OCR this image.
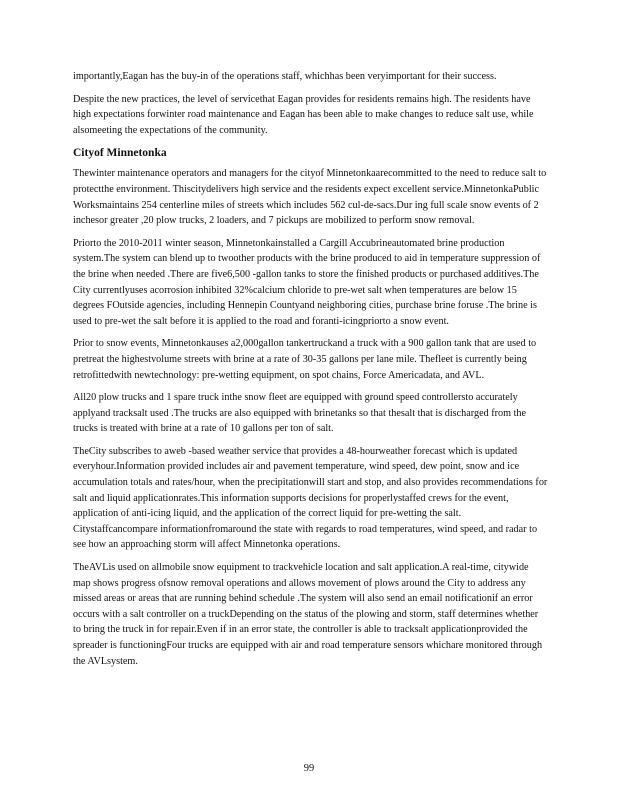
importantly,Eagan has the buy-in of the operations staff, whichhas been veryimportant for their success.

Despite the new practices, the level of servicethat Eagan provides for residents remains high. The residents have high expectations forwinter road maintenance and Eagan has been able to make changes to reduce salt use, while alsomeeting the expectations of the community.

Cityof Minnetonka

Thewinter maintenance operators and managers for the cityof Minnetonkaarecommitted to the need to reduce salt to protectthe environment. Thiscitydelivers high service and the residents expect excellent service.MinnetonkaPublic Worksmaintains 254 centerline miles of streets which includes 562 cul-de-sacs.Dur ing full scale snow events of 2 inchesor greater ,20 plow trucks, 2 loaders, and 7 pickups are mobilized to perform snow removal.

Priorto the 2010-2011 winter season, Minnetonkainstalled a Cargill Accubrineautomated brine production system.The system can blend up to twoother products with the brine produced to aid in temperature suppression of the brine when needed .There are five6,500 -gallon tanks to store the finished products or purchased additives.The City currentlyuses acorrosion inhibited 32%calcium chloride to pre-wet salt when temperatures are below 15 degrees FOutside agencies, including Hennepin Countyand neighboring cities, purchase brine foruse .The brine is used to pre-wet the salt before it is applied to the road and foranti-icingpriorto a snow event.

Prior to snow events, Minnetonkauses a2,000gallon tankertruckand a truck with a 900 gallon tank that are used to pretreat the highestvolume streets with brine at a rate of 30-35 gallons per lane mile. Thefleet is currently being retrofittedwith newtechnology: pre-wetting equipment, on spot chains, Force Americadata, and AVL.

All20 plow trucks and 1 spare truck inthe snow fleet are equipped with ground speed controllersto accurately applyand tracksalt used .The trucks are also equipped with brinetanks so that thesalt that is discharged from the trucks is treated with brine at a rate of 10 gallons per ton of salt.

TheCity subscribes to aweb -based weather service that provides a 48-hourweather forecast which is updated everyhour.Information provided includes air and pavement temperature, wind speed, dew point, snow and ice accumulation totals and rates/hour, when the precipitationwill start and stop, and also provides recommendations for salt and liquid applicationrates.This information supports decisions for properlystaffed crews for the event, application of anti-icing liquid, and the application of the correct liquid for pre-wetting the salt. Citystaffcancompare informationfromaround the state with regards to road temperatures, wind speed, and radar to see how an approaching storm will affect Minnetonka operations.

TheAVLis used on allmobile snow equipment to trackvehicle location and salt application.A real-time, citywide map shows progress ofsnow removal operations and allows movement of plows around the City to address any missed areas or areas that are running behind schedule .The system will also send an email notificationif an error occurs with a salt controller on a truckDepending on the status of the plowing and storm, staff determines whether to bring the truck in for repair.Even if in an error state, the controller is able to tracksalt applicationprovided the spreader is functioningFour trucks are equipped with air and road temperature sensors whichare monitored through the AVLsystem.

99
